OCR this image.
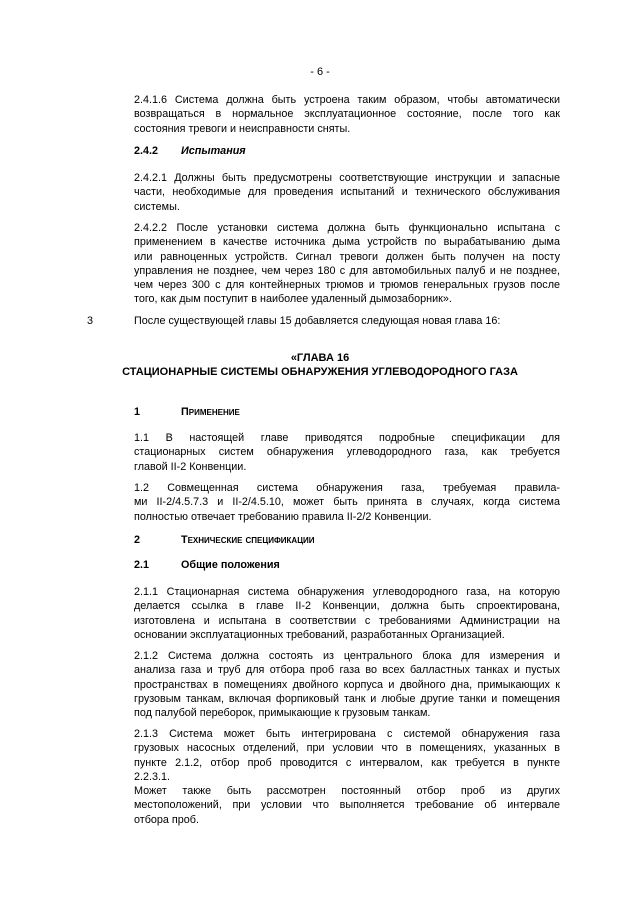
- 6 -
2.4.1.6 Система должна быть устроена таким образом, чтобы автоматически
возвращаться в нормальное эксплуатационное состояние, после того как
состояния тревоги и неисправности сняты.
2.4.2 Испытания
2.4.2.1 Должны быть предусмотрены соответствующие инструкции и запасные
части, необходимые для проведения испытаний и технического обслуживания
системы.
2.4.2.2 После установки система должна быть функционально испытана с
применением в качестве источника дыма устройств по вырабатыванию дыма
или равноценных устройств. Сигнал тревоги должен быть получен на посту
управления не позднее, чем через 180 с для автомобильных палуб и не позднее,
чем через 300 с для контейнерных трюмов и трюмов генеральных грузов после
того, как дым поступит в наиболее удаленный дымозаборник».
3	После существующей главы 15 добавляется следующая новая глава 16:
«ГЛАВА 16
СТАЦИОНАРНЫЕ СИСТЕМЫ ОБНАРУЖЕНИЯ УГЛЕВОДОРОДНОГО ГАЗА
1	Применение
1.1 В настоящей главе приводятся подробные спецификации для
стационарных систем обнаружения углеводородного газа, как требуется
главой II-2 Конвенции.
1.2 Совмещенная система обнаружения газа, требуемая правила-
ми II-2/4.5.7.3 и II-2/4.5.10, может быть принята в случаях, когда система
полностью отвечает требованию правила II-2/2 Конвенции.
2	Технические спецификации
2.1	Общие положения
2.1.1 Стационарная система обнаружения углеводородного газа, на которую
делается ссылка в главе II-2 Конвенции, должна быть спроектирована,
изготовлена и испытана в соответствии с требованиями Администрации на
основании эксплуатационных требований, разработанных Организацией.
2.1.2 Система должна состоять из центрального блока для измерения и
анализа газа и труб для отбора проб газа во всех балластных танках и пустых
пространствах в помещениях двойного корпуса и двойного дна, примыкающих к
грузовым танкам, включая форпиковый танк и любые другие танки и помещения
под палубой переборок, примыкающие к грузовым танкам.
2.1.3 Система может быть интегрирована с системой обнаружения газа
грузовых насосных отделений, при условии что в помещениях, указанных в
пункте 2.1.2, отбор проб проводится с интервалом, как требуется в пункте
2.2.3.1.
Может также быть рассмотрен постоянный отбор проб из других
местоположений, при условии что выполняется требование об интервале
отбора проб.
